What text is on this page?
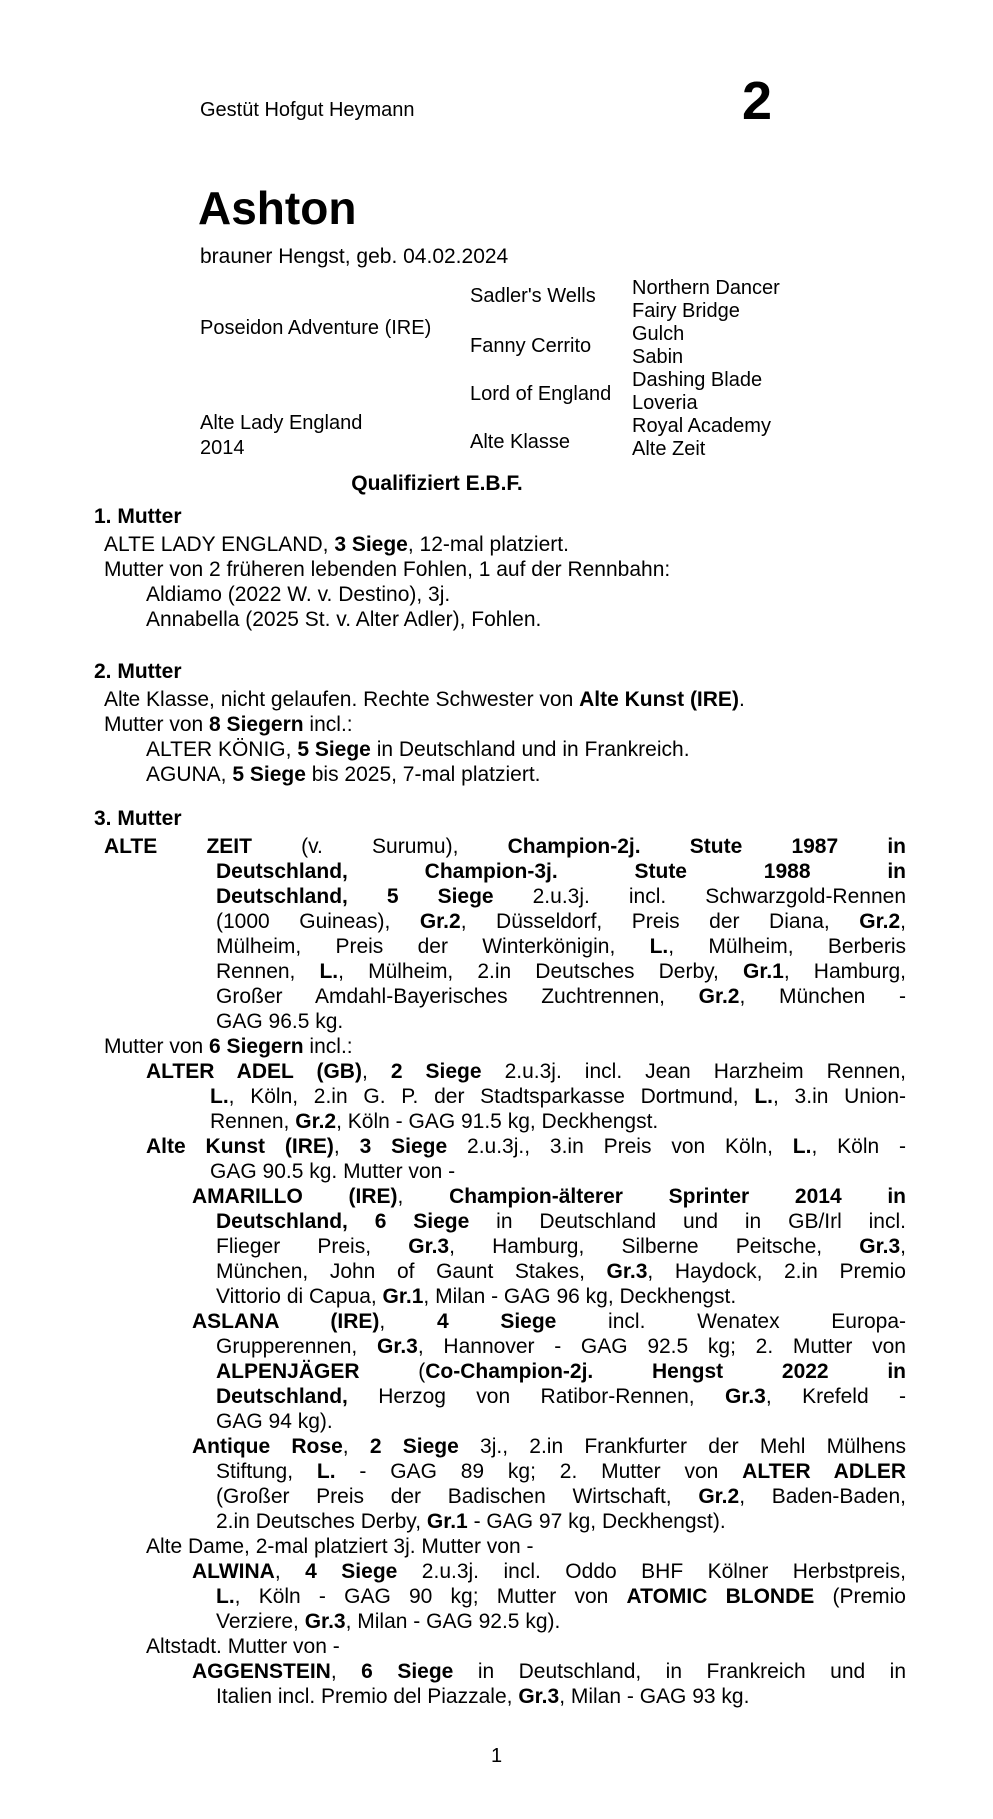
Gestüt Hofgut Heymann	2
Ashton
brauner Hengst, geb. 04.02.2024
Poseidon Adventure (IRE)
Alte Lady England
2014
Sadler's Wells
Fanny Cerrito
Lord of England
Alte Klasse
Northern Dancer
Fairy Bridge
Gulch
Sabin
Dashing Blade
Loveria
Royal Academy
Alte Zeit
Qualifiziert E.B.F.
1. Mutter
ALTE LADY ENGLAND, 3 Siege, 12-mal platziert.
Mutter von 2 früheren lebenden Fohlen, 1 auf der Rennbahn:
Aldiamo (2022 W. v. Destino), 3j.
Annabella (2025 St. v. Alter Adler), Fohlen.
2. Mutter
Alte Klasse, nicht gelaufen. Rechte Schwester von Alte Kunst (IRE).
Mutter von 8 Siegern incl.:
ALTER KÖNIG, 5 Siege in Deutschland und in Frankreich.
AGUNA, 5 Siege bis 2025, 7-mal platziert.
3. Mutter
ALTE ZEIT (v. Surumu), Champion-2j. Stute 1987 in
Deutschland, Champion-3j. Stute 1988 in
Deutschland, 5 Siege 2.u.3j. incl. Schwarzgold-Rennen
(1000 Guineas), Gr.2, Düsseldorf, Preis der Diana, Gr.2,
Mülheim, Preis der Winterkönigin, L., Mülheim, Berberis
Rennen, L., Mülheim, 2.in Deutsches Derby, Gr.1, Hamburg,
Großer Amdahl-Bayerisches Zuchtrennen, Gr.2, München -
GAG 96.5 kg.
Mutter von 6 Siegern incl.:
ALTER ADEL (GB), 2 Siege 2.u.3j. incl. Jean Harzheim Rennen,
L., Köln, 2.in G. P. der Stadtsparkasse Dortmund, L., 3.in Union-
Rennen, Gr.2, Köln - GAG 91.5 kg, Deckhengst.
Alte Kunst (IRE), 3 Siege 2.u.3j., 3.in Preis von Köln, L., Köln -
GAG 90.5 kg. Mutter von -
AMARILLO (IRE), Champion-älterer Sprinter 2014 in
Deutschland, 6 Siege in Deutschland und in GB/Irl incl.
Flieger Preis, Gr.3, Hamburg, Silberne Peitsche, Gr.3,
München, John of Gaunt Stakes, Gr.3, Haydock, 2.in Premio
Vittorio di Capua, Gr.1, Milan - GAG 96 kg, Deckhengst.
ASLANA (IRE), 4 Siege incl. Wenatex Europa-
Grupperennen, Gr.3, Hannover - GAG 92.5 kg; 2. Mutter von
ALPENJÄGER (Co-Champion-2j. Hengst 2022 in
Deutschland, Herzog von Ratibor-Rennen, Gr.3, Krefeld -
GAG 94 kg).
Antique Rose, 2 Siege 3j., 2.in Frankfurter der Mehl Mülhens
Stiftung, L. - GAG 89 kg; 2. Mutter von ALTER ADLER
(Großer Preis der Badischen Wirtschaft, Gr.2, Baden-Baden,
2.in Deutsches Derby, Gr.1 - GAG 97 kg, Deckhengst).
Alte Dame, 2-mal platziert 3j. Mutter von -
ALWINA, 4 Siege 2.u.3j. incl. Oddo BHF Kölner Herbstpreis,
L., Köln - GAG 90 kg; Mutter von ATOMIC BLONDE (Premio
Verziere, Gr.3, Milan - GAG 92.5 kg).
Altstadt. Mutter von -
AGGENSTEIN, 6 Siege in Deutschland, in Frankreich und in
Italien incl. Premio del Piazzale, Gr.3, Milan - GAG 93 kg.
1
